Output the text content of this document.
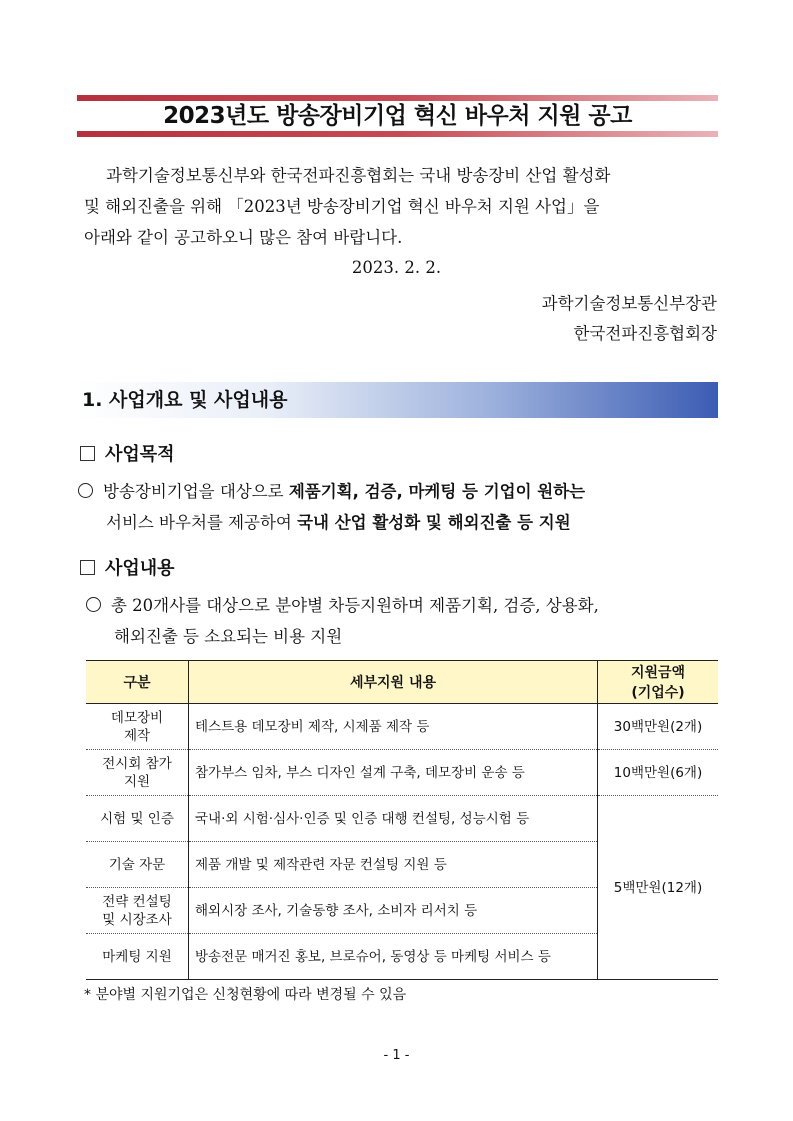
2023년도 방송장비기업 혁신 바우처 지원 공고
과학기술정보통신부와 한국전파진흥협회는 국내 방송장비 산업 활성화
및 해외진출을 위해 「2023년 방송장비기업 혁신 바우처 지원 사업」을
아래와 같이 공고하오니 많은 참여 바랍니다.
2023. 2. 2.
과학기술정보통신부장관
한국전파진흥협회장
1. 사업개요 및 사업내용
사업목적
방송장비기업을 대상으로 제품기획, 검증, 마케팅 등 기업이 원하는
서비스 바우처를 제공하여 국내 산업 활성화 및 해외진출 등 지원
사업내용
총 20개사를 대상으로 분야별 차등지원하며 제품기획, 검증, 상용화,
해외진출 등 소요되는 비용 지원
구분	세부지원 내용	지원금액
(기업수)

데모장비
제작	테스트용 데모장비 제작, 시제품 제작 등	30백만원(2개)

전시회 참가
지원	참가부스 임차, 부스 디자인 설계 구축, 데모장비 운송 등	10백만원(6개)
시험 및 인증	국내·외 시험·심사·인증 및 인증 대행 컨설팅, 성능시험 등	5백만원(12개)
기술 자문	제품 개발 및 제작관련 자문 컨설팅 지원 등	

전략 컨설팅
및 시장조사	해외시장 조사, 기술동향 조사, 소비자 리서치 등	
마케팅 지원	방송전문 매거진 홍보, 브로슈어, 동영상 등 마케팅 서비스 등	
* 분야별 지원기업은 신청현황에 따라 변경될 수 있음
- 1 -
